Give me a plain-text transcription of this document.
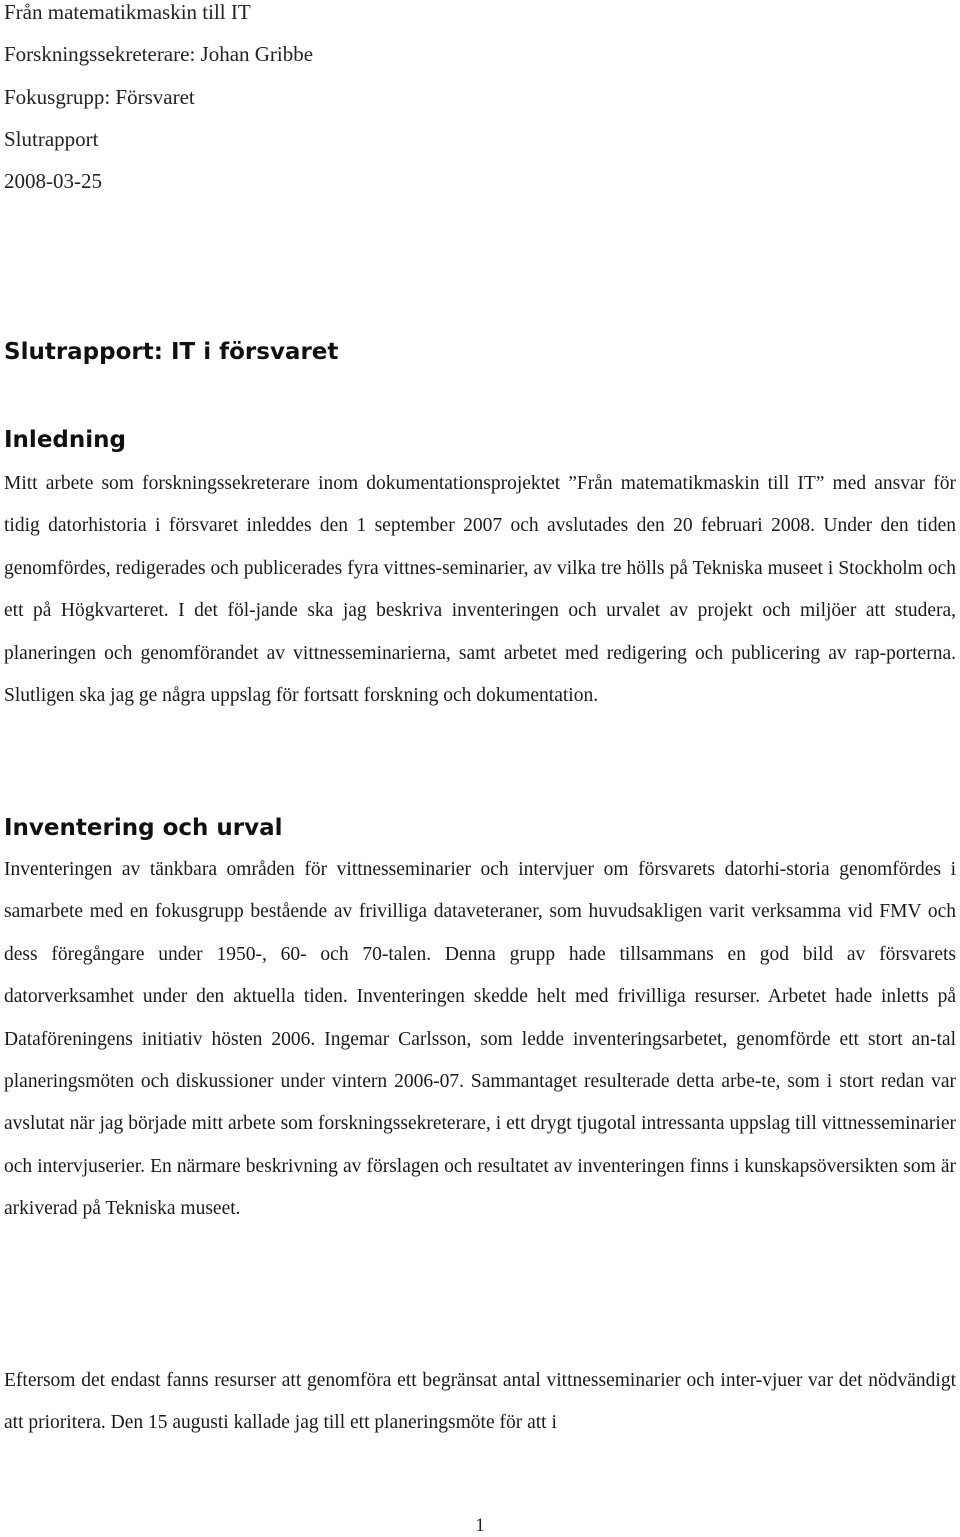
Från matematikmaskin till IT
Forskningssekreterare: Johan Gribbe
Fokusgrupp: Försvaret
Slutrapport
2008-03-25
Slutrapport: IT i försvaret
Inledning
Mitt arbete som forskningssekreterare inom dokumentationsprojektet ”Från matematikmaskin till IT” med ansvar för tidig datorhistoria i försvaret inleddes den 1 september 2007 och avslutades den 20 februari 2008. Under den tiden genomfördes, redigerades och publicerades fyra vittnes-seminarier, av vilka tre hölls på Tekniska museet i Stockholm och ett på Högkvarteret. I det föl-jande ska jag beskriva inventeringen och urvalet av projekt och miljöer att studera, planeringen och genomförandet av vittnesseminarierna, samt arbetet med redigering och publicering av rap-porterna. Slutligen ska jag ge några uppslag för fortsatt forskning och dokumentation.
Inventering och urval
Inventeringen av tänkbara områden för vittnesseminarier och intervjuer om försvarets datorhi-storia genomfördes i samarbete med en fokusgrupp bestående av frivilliga dataveteraner, som huvudsakligen varit verksamma vid FMV och dess föregångare under 1950-, 60- och 70-talen. Denna grupp hade tillsammans en god bild av försvarets datorverksamhet under den aktuella tiden. Inventeringen skedde helt med frivilliga resurser. Arbetet hade inletts på Dataföreningens initiativ hösten 2006. Ingemar Carlsson, som ledde inventeringsarbetet, genomförde ett stort an-tal planeringsmöten och diskussioner under vintern 2006-07. Sammantaget resulterade detta arbe-te, som i stort redan var avslutat när jag började mitt arbete som forskningssekreterare, i ett drygt tjugotal intressanta uppslag till vittnesseminarier och intervjuserier. En närmare beskrivning av förslagen och resultatet av inventeringen finns i kunskapsöversikten som är arkiverad på Tekniska museet.
Eftersom det endast fanns resurser att genomföra ett begränsat antal vittnesseminarier och inter-vjuer var det nödvändigt att prioritera. Den 15 augusti kallade jag till ett planeringsmöte för att i
1
